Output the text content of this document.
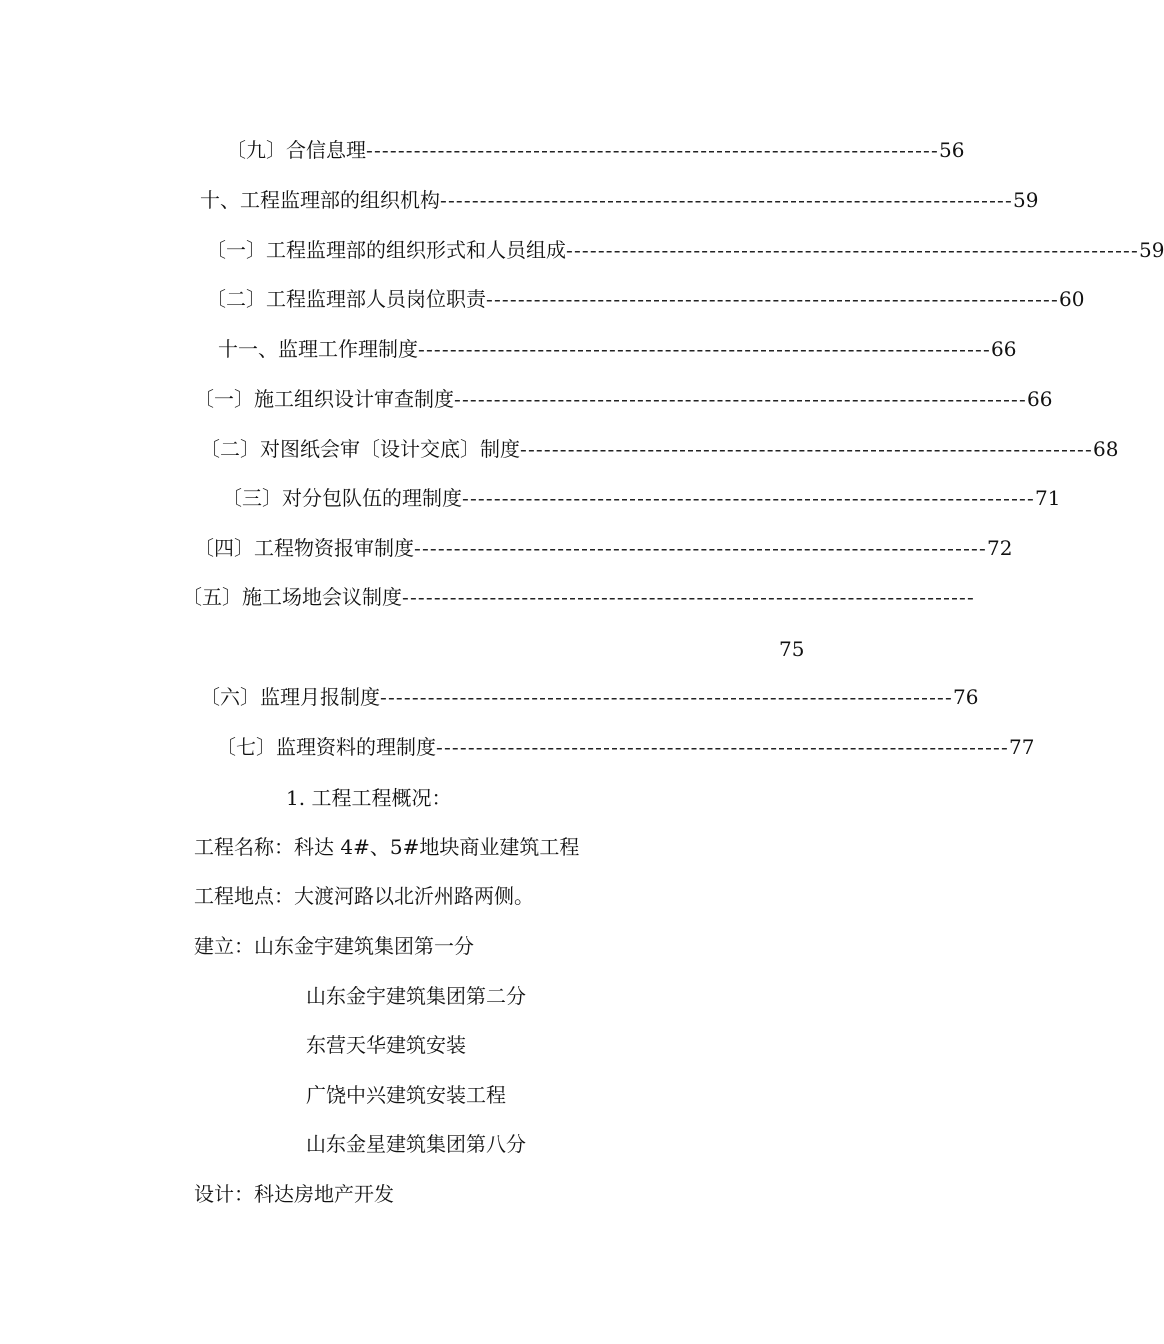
〔九〕合信息理 ------------------------------------------------------------------------ 56
十、工程监理部的组织机构 ------------------------------------------------------------------------ 59
〔一〕工程监理部的组织形式和人员组成 ------------------------------------------------------------------------ 59
〔二〕工程监理部人员岗位职责 ------------------------------------------------------------------------ 60
十一、监理工作理制度 ------------------------------------------------------------------------ 66
〔一〕施工组织设计审查制度 ------------------------------------------------------------------------ 66
〔二〕对图纸会审〔设计交底〕制度 ------------------------------------------------------------------------ 68
〔三〕对分包队伍的理制度 ------------------------------------------------------------------------ 71
〔四〕工程物资报审制度 ------------------------------------------------------------------------ 72
〔五〕施工场地会议制度 ------------------------------------------------------------------------
75
〔六〕监理月报制度 ------------------------------------------------------------------------ 76
〔七〕监理资料的理制度 ------------------------------------------------------------------------ 77
1. 工程工程概况：
工程名称：科达 4#、5#地块商业建筑工程
工程地点：大渡河路以北沂州路两侧。
建立：山东金宇建筑集团第一分
山东金宇建筑集团第二分
东营天华建筑安装
广饶中兴建筑安装工程
山东金星建筑集团第八分
设计：科达房地产开发
